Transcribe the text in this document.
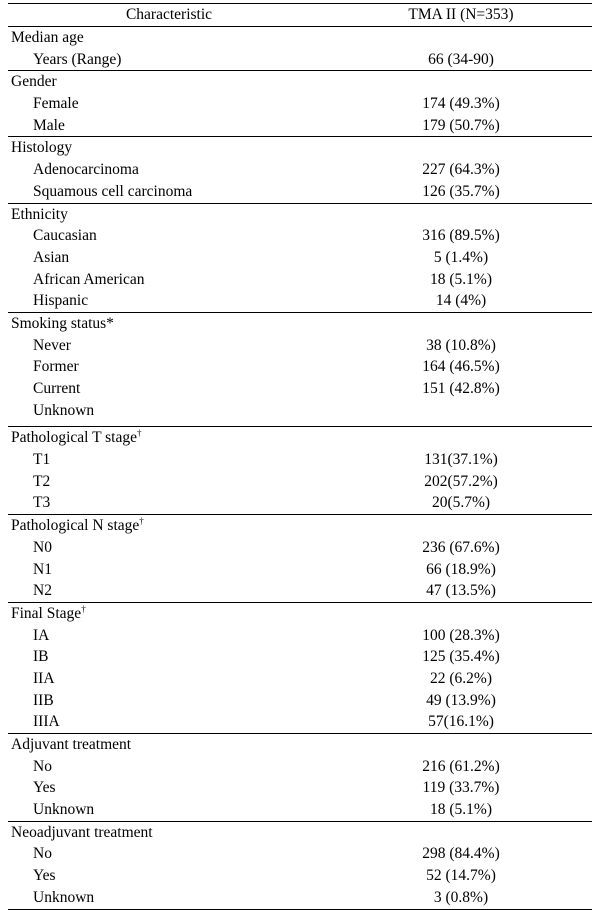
Characteristic	TMA II (N=353)
Median age
Years (Range)	66 (34-90)
Gender
Female	174 (49.3%)
Male	179 (50.7%)
Histology
Adenocarcinoma	227 (64.3%)
Squamous cell carcinoma	126 (35.7%)
Ethnicity
Caucasian	316 (89.5%)
Asian	5 (1.4%)
African American	18 (5.1%)
Hispanic	14 (4%)
Smoking status*
Never	38 (10.8%)
Former	164 (46.5%)
Current	151 (42.8%)
Unknown
Pathological T stage†
T1	131(37.1%)
T2	202(57.2%)
T3	20(5.7%)
Pathological N stage†
N0	236 (67.6%)
N1	66 (18.9%)
N2	47 (13.5%)
Final Stage†
IA	100 (28.3%)
IB	125 (35.4%)
IIA	22 (6.2%)
IIB	49 (13.9%)
IIIA	57(16.1%)
Adjuvant treatment
No	216 (61.2%)
Yes	119 (33.7%)
Unknown	18 (5.1%)
Neoadjuvant treatment
No	298 (84.4%)
Yes	52 (14.7%)
Unknown	3 (0.8%)
